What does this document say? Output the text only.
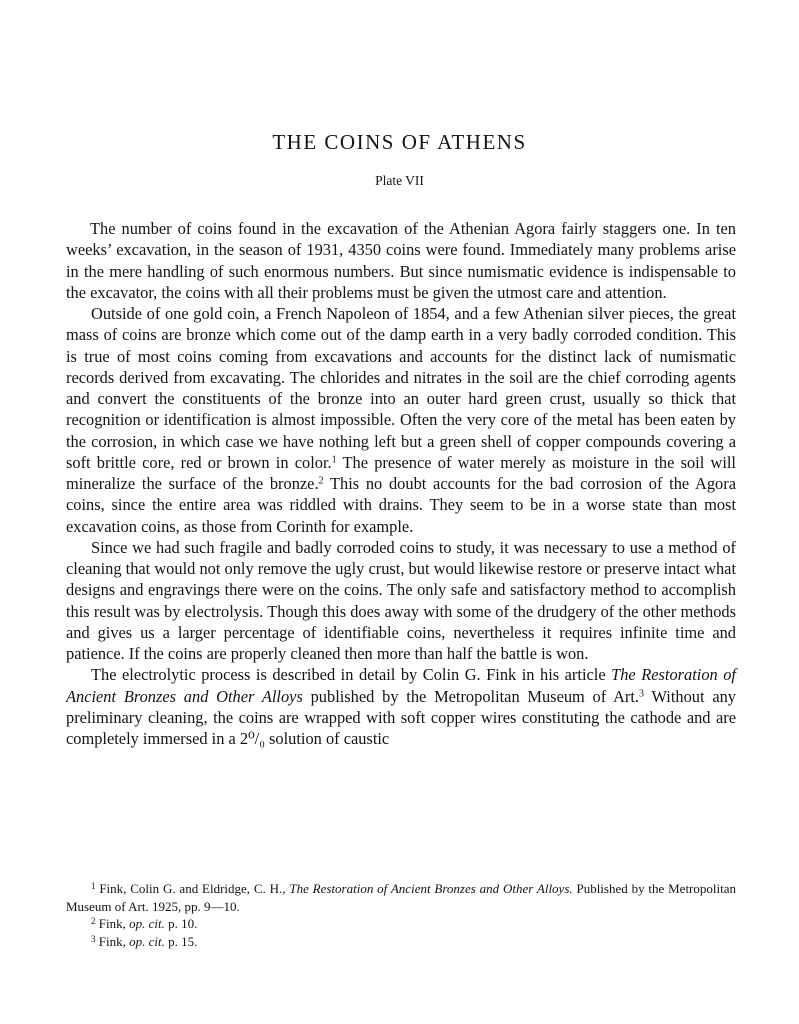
THE COINS OF ATHENS
Plate VII

The number of coins found in the excavation of the Athenian Agora fairly staggers one. In ten weeks’ excavation, in the season of 1931, 4350 coins were found. Immediately many problems arise in the mere handling of such enormous numbers. But since numismatic evidence is indispensable to the excavator, the coins with all their problems must be given the utmost care and attention.

Outside of one gold coin, a French Napoleon of 1854, and a few Athenian silver pieces, the great mass of coins are bronze which come out of the damp earth in a very badly corroded condition. This is true of most coins coming from excavations and accounts for the distinct lack of numismatic records derived from excavating. The chlorides and nitrates in the soil are the chief corroding agents and convert the constituents of the bronze into an outer hard green crust, usually so thick that recognition or identification is almost impossible. Often the very core of the metal has been eaten by the corrosion, in which case we have nothing left but a green shell of copper compounds covering a soft brittle core, red or brown in color.$^1$ The presence of water merely as moisture in the soil will mineralize the surface of the bronze.$^2$ This no doubt accounts for the bad corrosion of the Agora coins, since the entire area was riddled with drains. They seem to be in a worse state than most excavation coins, as those from Corinth for example.

Since we had such fragile and badly corroded coins to study, it was necessary to use a method of cleaning that would not only remove the ugly crust, but would likewise restore or preserve intact what designs and engravings there were on the coins. The only safe and satisfactory method to accomplish this result was by electrolysis. Though this does away with some of the drudgery of the other methods and gives us a larger percentage of identifiable coins, nevertheless it requires infinite time and patience. If the coins are properly cleaned then more than half the battle is won.

The electrolytic process is described in detail by Colin G. Fink in his article The Restoration of Ancient Bronzes and Other Alloys published by the Metropolitan Museum of Art.$^3$ Without any preliminary cleaning, the coins are wrapped with soft copper wires constituting the cathode and are completely immersed in a 2⁰/₀ solution of caustic

$^1$ Fink, Colin G. and Eldridge, C. H., The Restoration of Ancient Bronzes and Other Alloys. Published by the Metropolitan Museum of Art. 1925, pp. 9—10.

$^2$ Fink, op. cit. p. 10.

$^3$ Fink, op. cit. p. 15.
